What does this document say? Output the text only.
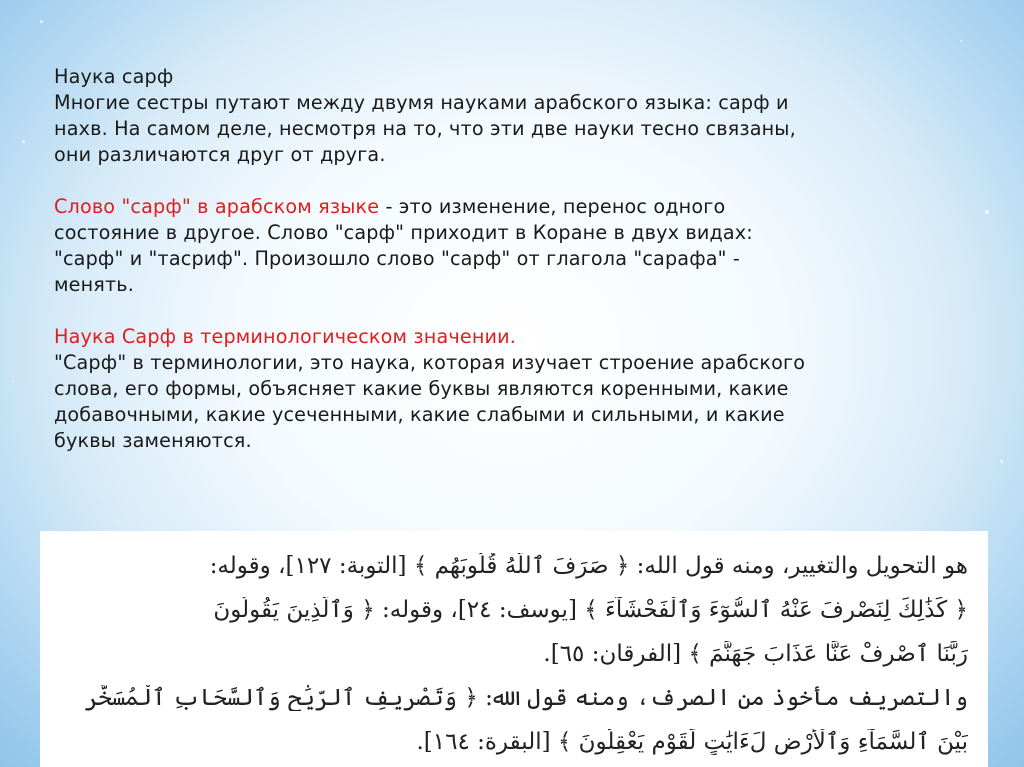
Наука сарф
Многие сестры путают между двумя науками арабского языка: сарф и
нахв. На самом деле, несмотря на то, что эти две науки тесно связаны,
они различаются друг от друга.

Слово "сарф" в арабском языке - это изменение, перенос одного
состояние в другое. Слово "сарф" приходит в Коране в двух видах:
"сарф" и "тасриф". Произошло слово "сарф" от глагола "сарафа" -
менять.

Наука Сарф в терминологическом значении.
"Сарф" в терминологии, это наука, которая изучает строение арабского
слова, его формы, объясняет какие буквы являются коренными, какие
добавочными, какие усеченными, какие слабыми и сильными, и какие
буквы заменяются.

هو التحويل والتغيير، ومنه قول الله: ﴿ صَرَفَ ٱللَّهُ قُلُوبَهُم ﴾ [التوبة: ١٢٧]، وقوله:
﴿ كَذَٰلِكَ لِنَصْرِفَ عَنْهُ ٱلسُّوٓءَ وَٱلْفَحْشَآءَ ﴾ [يوسف: ٢٤]، وقوله: ﴿ وَٱلَّذِينَ يَقُولُونَ
رَبَّنَا ٱصْرِفْ عَنَّا عَذَابَ جَهَنَّمَ ﴾ [الفرقان: ٦٥].
والتصريف مأخوذ من الصرف، ومنه قول الله: ﴿ وَتَصْرِيفِ ٱلرِّيَٰحِ وَٱلسَّحَابِ ٱلْمُسَخَّرِ
بَيْنَ ٱلسَّمَآءِ وَٱلْأَرْضِ لَءَايَٰتٍ لِّقَوْمٍ يَعْقِلُونَ ﴾ [البقرة: ١٦٤].
